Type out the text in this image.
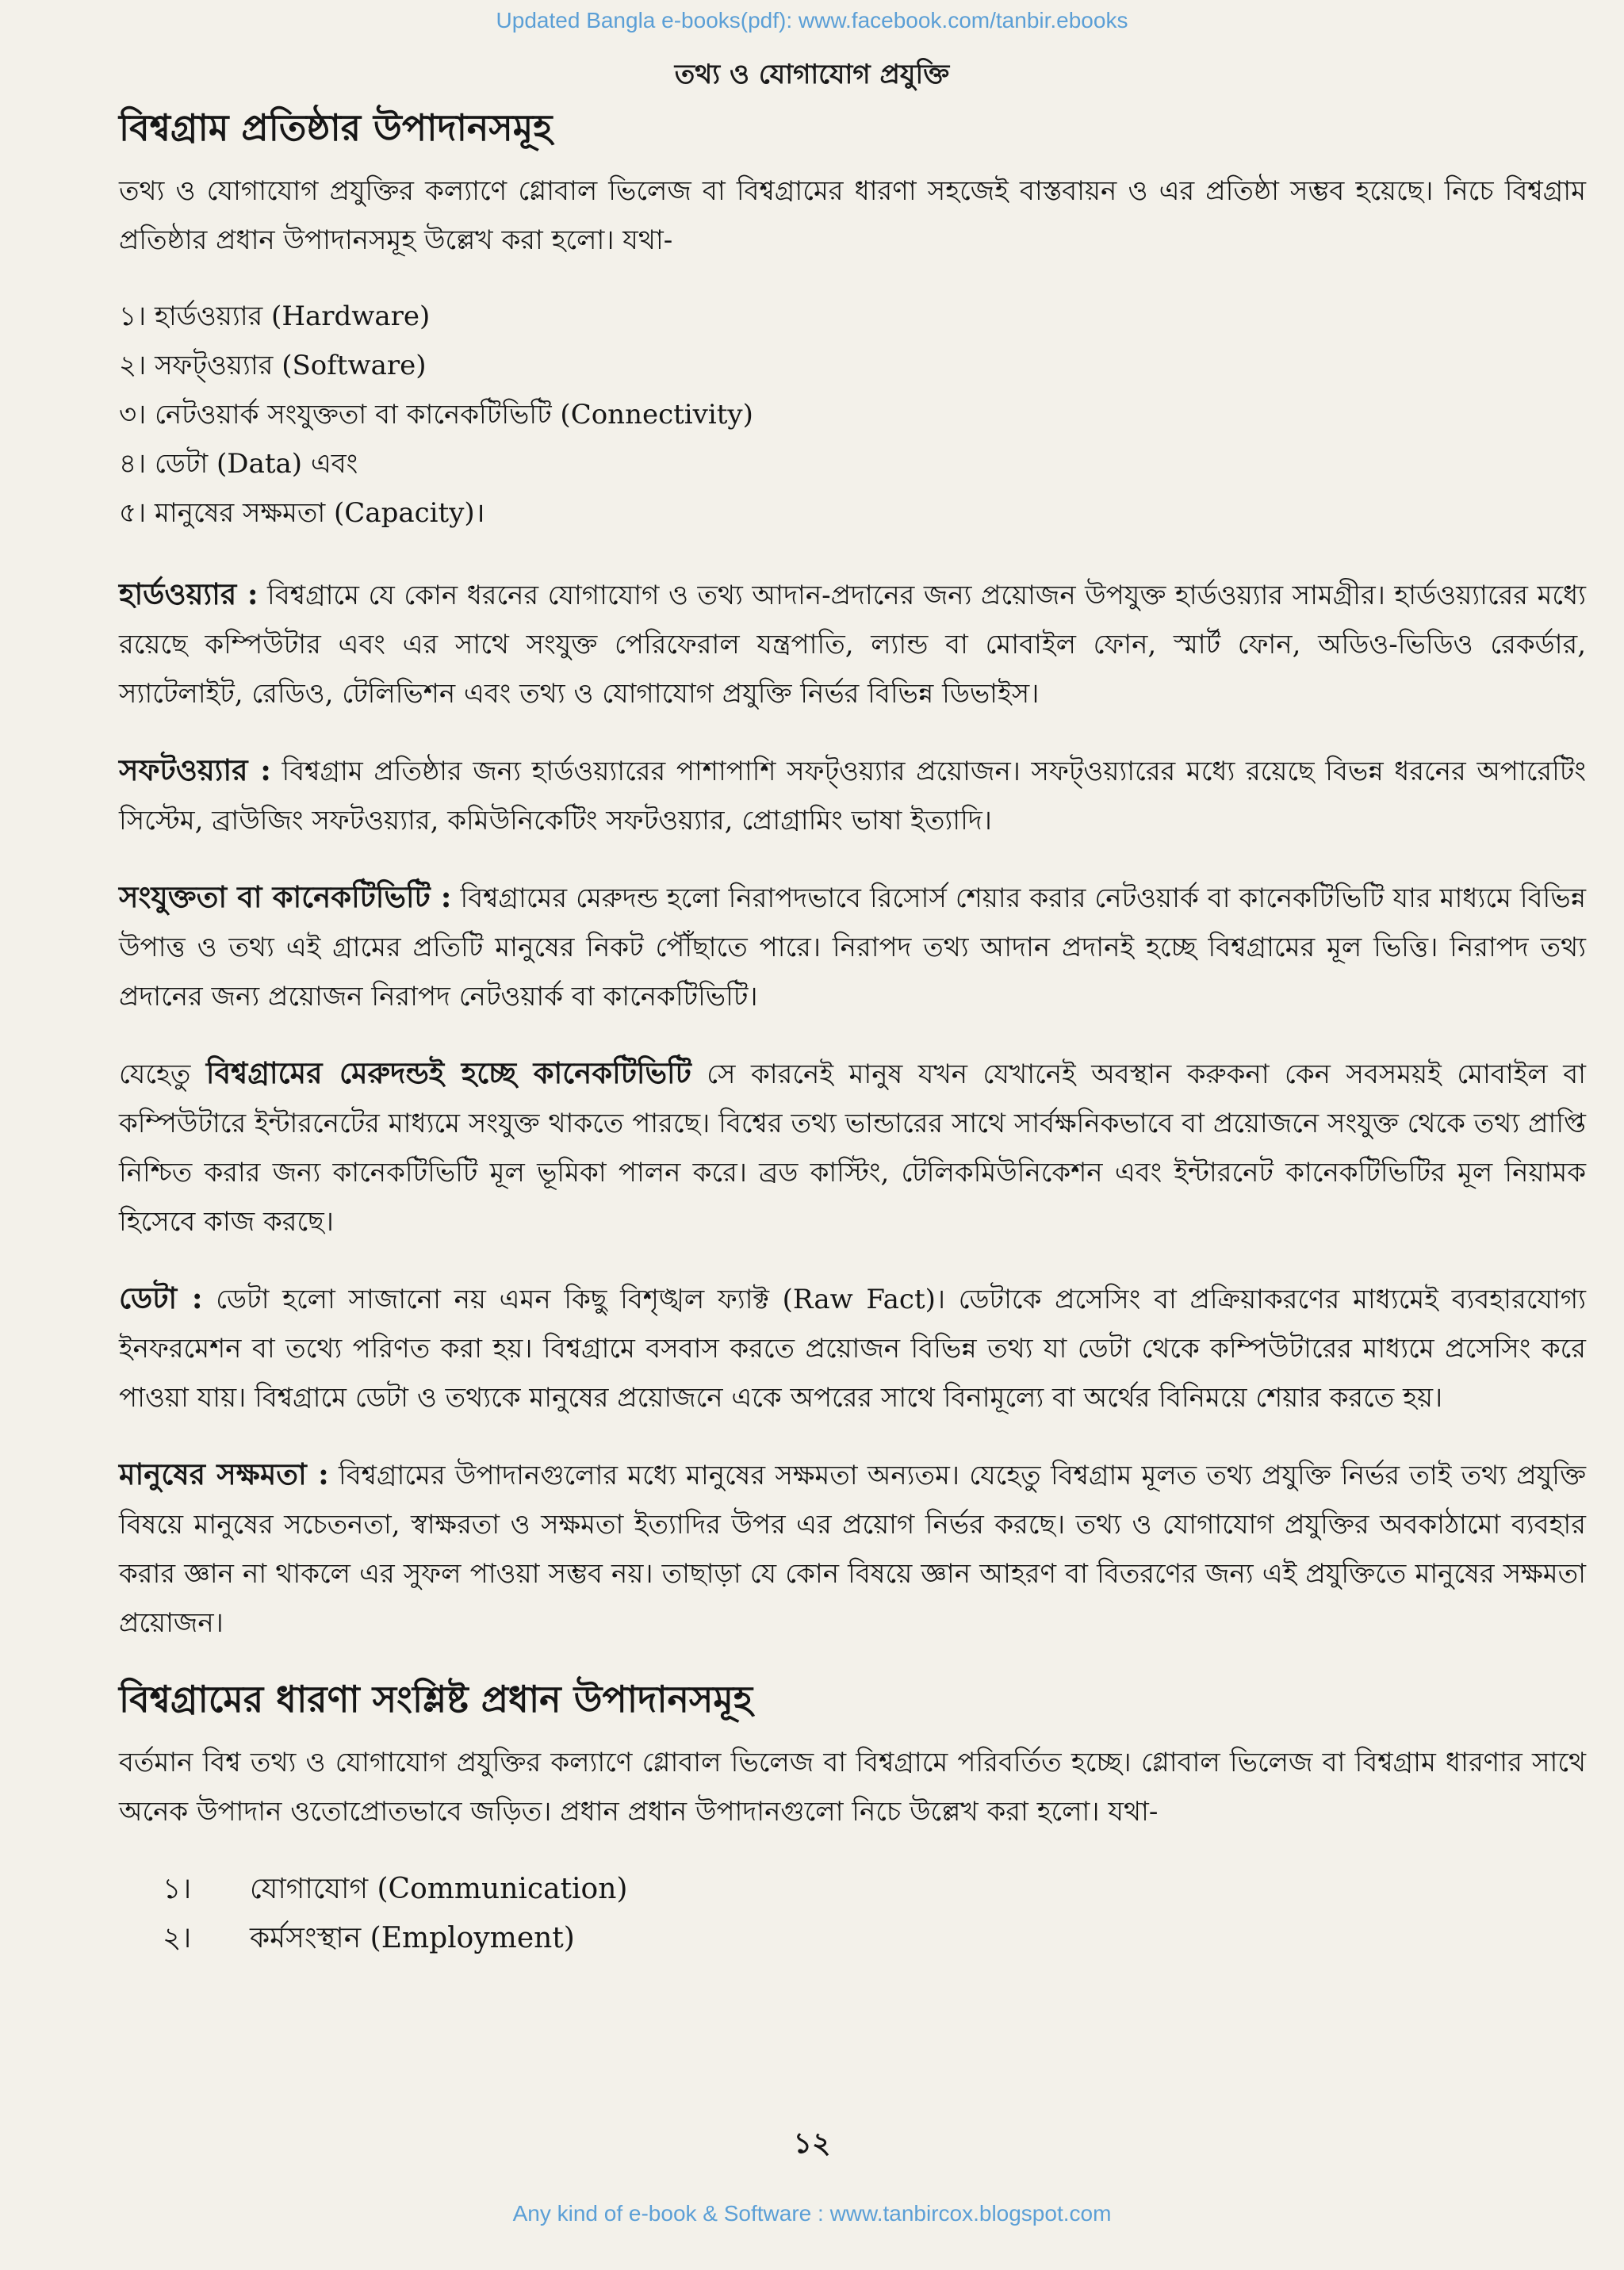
Updated Bangla e-books(pdf): www.facebook.com/tanbir.ebooks
তথ্য ও যোগাযোগ প্রযুক্তি
বিশ্বগ্রাম প্রতিষ্ঠার উপাদানসমূহ

তথ্য ও যোগাযোগ প্রযুক্তির কল্যাণে গ্লোবাল ভিলেজ বা বিশ্বগ্রামের ধারণা সহজেই বাস্তবায়ন ও এর প্রতিষ্ঠা সম্ভব হয়েছে। নিচে বিশ্বগ্রাম প্রতিষ্ঠার প্রধান উপাদানসমূহ উল্লেখ করা হলো। যথা-

১। হার্ডওয়্যার (Hardware)
২। সফট্‌ওয়্যার (Software)
৩। নেটওয়ার্ক সংযুক্ততা বা কানেকটিভিটি (Connectivity)
৪। ডেটা (Data) এবং
৫। মানুষের সক্ষমতা (Capacity)।

হার্ডওয়্যার : বিশ্বগ্রামে যে কোন ধরনের যোগাযোগ ও তথ্য আদান-প্রদানের জন্য প্রয়োজন উপযুক্ত হার্ডওয়্যার সামগ্রীর। হার্ডওয়্যারের মধ্যে রয়েছে কম্পিউটার এবং এর সাথে সংযুক্ত পেরিফেরাল যন্ত্রপাতি, ল্যান্ড বা মোবাইল ফোন, স্মার্ট ফোন, অডিও-ভিডিও রেকর্ডার, স্যাটেলাইট, রেডিও, টেলিভিশন এবং তথ্য ও যোগাযোগ প্রযুক্তি নির্ভর বিভিন্ন ডিভাইস।

সফটওয়্যার : বিশ্বগ্রাম প্রতিষ্ঠার জন্য হার্ডওয়্যারের পাশাপাশি সফট্‌ওয়্যার প্রয়োজন। সফট্‌ওয়্যারের মধ্যে রয়েছে বিভন্ন ধরনের অপারেটিং সিস্টেম, ব্রাউজিং সফটওয়্যার, কমিউনিকেটিং সফটওয়্যার, প্রোগ্রামিং ভাষা ইত্যাদি।

সংযুক্ততা বা কানেকটিভিটি : বিশ্বগ্রামের মেরুদন্ড হলো নিরাপদভাবে রিসোর্স শেয়ার করার নেটওয়ার্ক বা কানেকটিভিটি যার মাধ্যমে বিভিন্ন উপাত্ত ও তথ্য এই গ্রামের প্রতিটি মানুষের নিকট পৌঁছাতে পারে। নিরাপদ তথ্য আদান প্রদানই হচ্ছে বিশ্বগ্রামের মূল ভিত্তি। নিরাপদ তথ্য প্রদানের জন্য প্রয়োজন নিরাপদ নেটওয়ার্ক বা কানেকটিভিটি।

যেহেতু বিশ্বগ্রামের মেরুদন্ডই হচ্ছে কানেকটিভিটি সে কারনেই মানুষ যখন যেখানেই অবস্থান করুকনা কেন সবসময়ই মোবাইল বা কম্পিউটারে ইন্টারনেটের মাধ্যমে সংযুক্ত থাকতে পারছে। বিশ্বের তথ্য ভান্ডারের সাথে সার্বক্ষনিকভাবে বা প্রয়োজনে সংযুক্ত থেকে তথ্য প্রাপ্তি নিশ্চিত করার জন্য কানেকটিভিটি মূল ভূমিকা পালন করে। ব্রড কাস্টিং, টেলিকমিউনিকেশন এবং ইন্টারনেট কানেকটিভিটির মূল নিয়ামক হিসেবে কাজ করছে।

ডেটা : ডেটা হলো সাজানো নয় এমন কিছু বিশৃঙ্খল ফ্যাক্ট (Raw Fact)। ডেটাকে প্রসেসিং বা প্রক্রিয়াকরণের মাধ্যমেই ব্যবহারযোগ্য ইনফরমেশন বা তথ্যে পরিণত করা হয়। বিশ্বগ্রামে বসবাস করতে প্রয়োজন বিভিন্ন তথ্য যা ডেটা থেকে কম্পিউটারের মাধ্যমে প্রসেসিং করে পাওয়া যায়। বিশ্বগ্রামে ডেটা ও তথ্যকে মানুষের প্রয়োজনে একে অপরের সাথে বিনামূল্যে বা অর্থের বিনিময়ে শেয়ার করতে হয়।

মানুষের সক্ষমতা : বিশ্বগ্রামের উপাদানগুলোর মধ্যে মানুষের সক্ষমতা অন্যতম। যেহেতু বিশ্বগ্রাম মূলত তথ্য প্রযুক্তি নির্ভর তাই তথ্য প্রযুক্তি বিষয়ে মানুষের সচেতনতা, স্বাক্ষরতা ও সক্ষমতা ইত্যাদির উপর এর প্রয়োগ নির্ভর করছে। তথ্য ও যোগাযোগ প্রযুক্তির অবকাঠামো ব্যবহার করার জ্ঞান না থাকলে এর সুফল পাওয়া সম্ভব নয়। তাছাড়া যে কোন বিষয়ে জ্ঞান আহরণ বা বিতরণের জন্য এই প্রযুক্তিতে মানুষের সক্ষমতা প্রয়োজন।

বিশ্বগ্রামের ধারণা সংশ্লিষ্ট প্রধান উপাদানসমূহ

বর্তমান বিশ্ব তথ্য ও যোগাযোগ প্রযুক্তির কল্যাণে গ্লোবাল ভিলেজ বা বিশ্বগ্রামে পরিবর্তিত হচ্ছে। গ্লোবাল ভিলেজ বা বিশ্বগ্রাম ধারণার সাথে অনেক উপাদান ওতোপ্রোতভাবে জড়িত। প্রধান প্রধান উপাদানগুলো নিচে উল্লেখ করা হলো। যথা-

১। যোগাযোগ (Communication)
২। কর্মসংস্থান (Employment)
১২
Any kind of e-book & Software : www.tanbircox.blogspot.com
